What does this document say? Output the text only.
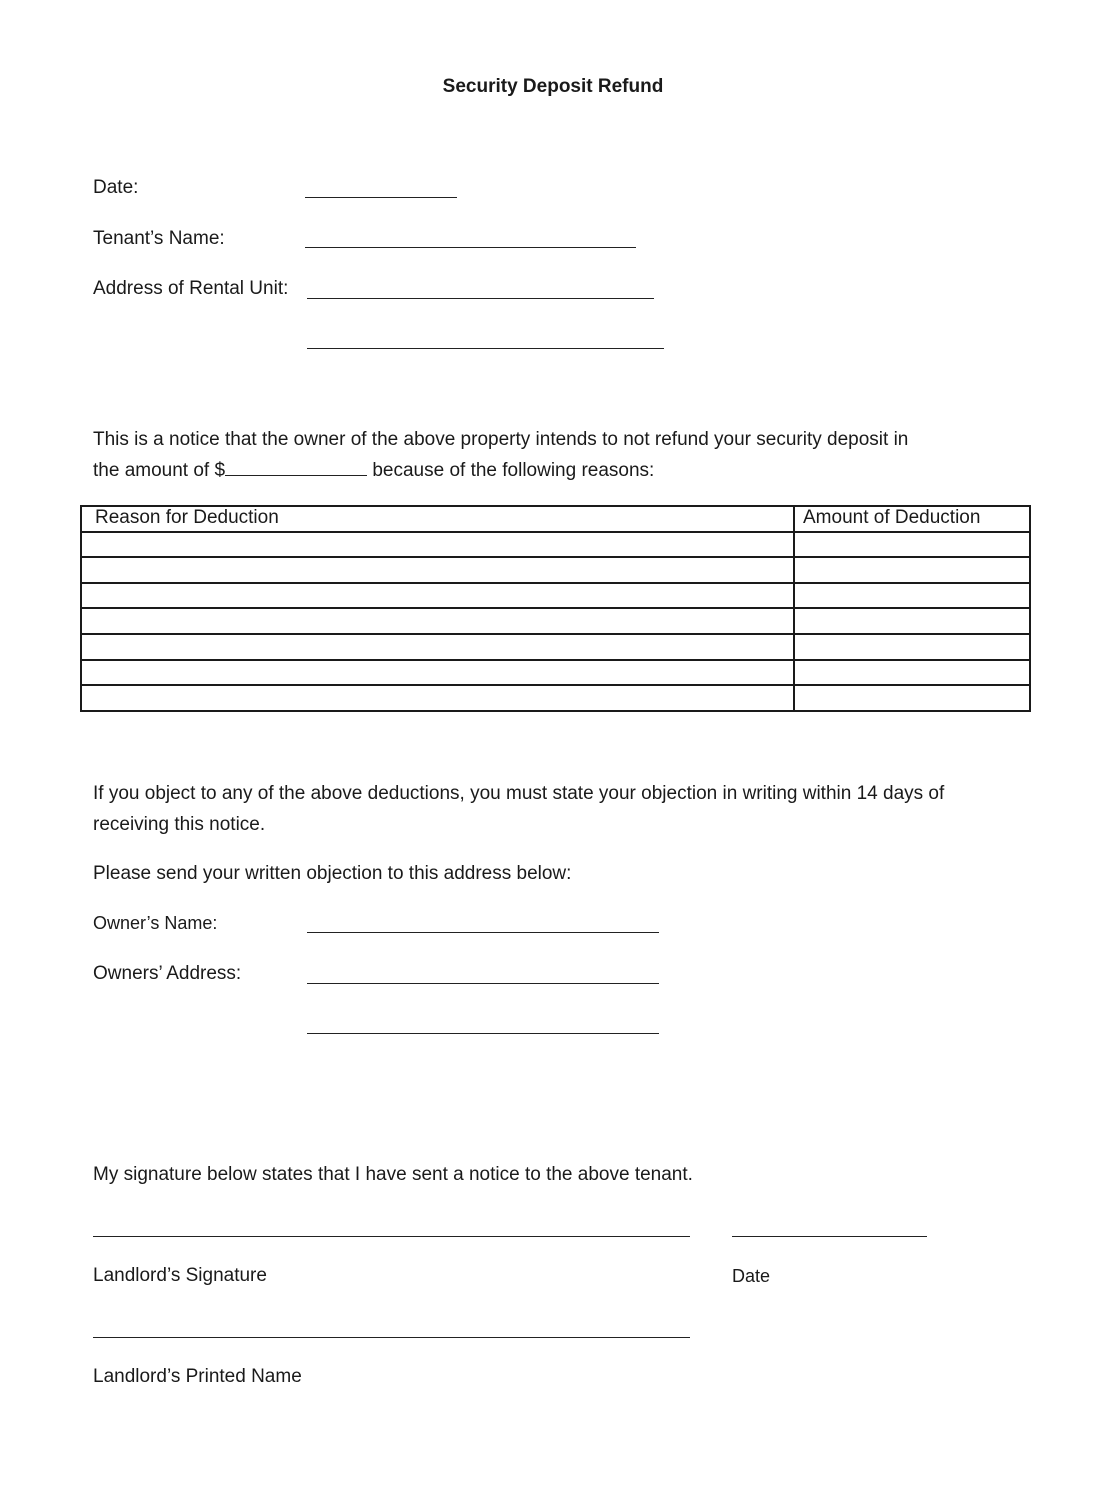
Security Deposit Refund
Date:
Tenant’s Name:
Address of Rental Unit:
This is a notice that the owner of the above property intends to not refund your security deposit in
the amount of $	because of the following reasons:
Reason for Deduction	Amount of Deduction

If you object to any of the above deductions, you must state your objection in writing within 14 days of receiving this notice.
Please send your written objection to this address below:
Owner’s Name:
Owners’ Address:
My signature below states that I have sent a notice to the above tenant.
Landlord’s Signature	Date
Landlord’s Printed Name
